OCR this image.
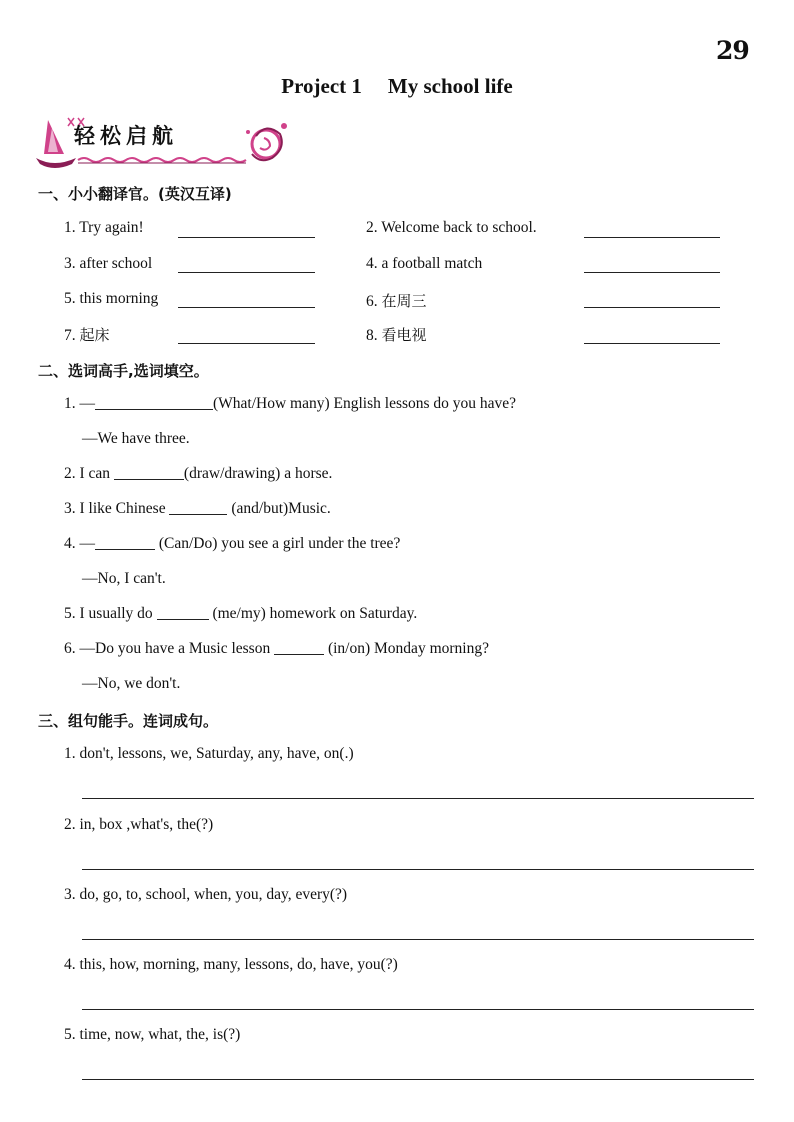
29
Project 1 My school life
轻松启航
一、小小翻译官。(英汉互译)
1. Try again!	2. Welcome back to school.
3. after school	4. a football match
5. this morning	6. 在周三
7. 起床	8. 看电视
二、选词高手,选词填空。
1. —	(What/How many) English lessons do you have?
—We have three.
2. I can	(draw/drawing) a horse.
3. I like Chinese	(and/but)Music.
4. —	(Can/Do) you see a girl under the tree?
—No, I can't.
5. I usually do	(me/my) homework on Saturday.
6. —Do you have a Music lesson	(in/on) Monday morning?
—No, we don't.
三、组句能手。连词成句。
1. don't, lessons, we, Saturday, any, have, on(.)
2. in, box ,what's, the(?)
3. do, go, to, school, when, you, day, every(?)
4. this, how, morning, many, lessons, do, have, you(?)
5. time, now, what, the, is(?)
